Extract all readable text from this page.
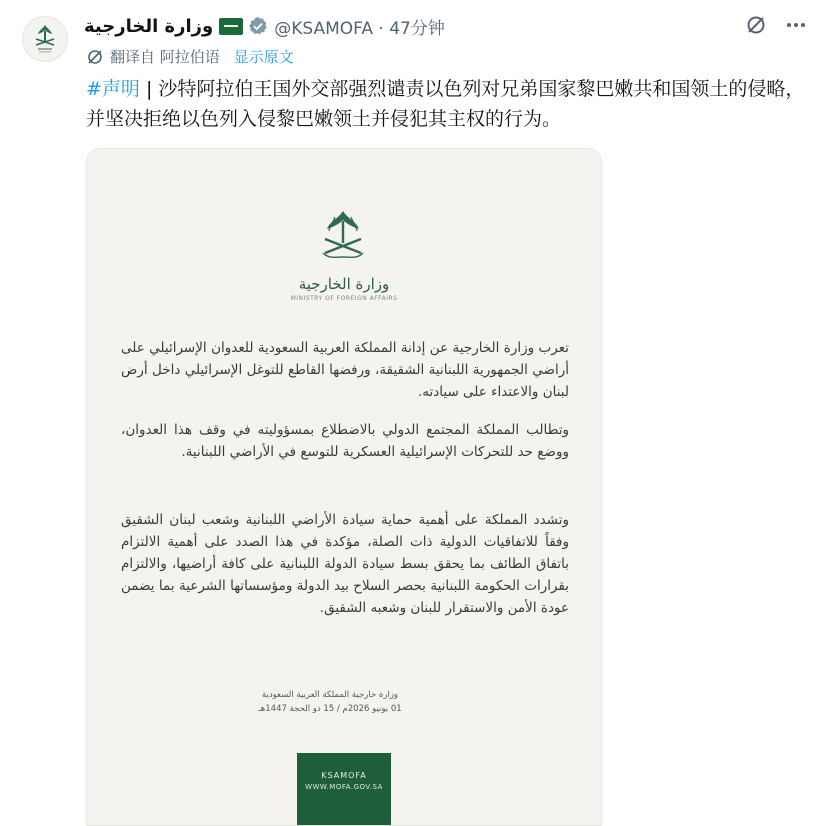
وزارة الخارجية	@KSAMOFA · 47分钟
翻译自 阿拉伯语 显示原文
#声明 | 沙特阿拉伯王国外交部强烈谴责以色列对兄弟国家黎巴嫩共和国领土的侵略，并坚决拒绝以色列入侵黎巴嫩领土并侵犯其主权的行为。
وزارة الخارجية
MINISTRY OF FOREIGN AFFAIRS
تعرب وزارة الخارجية عن إدانة المملكة العربية السعودية للعدوان الإسرائيلي على أراضي الجمهورية اللبنانية الشقيقة، ورفضها القاطع للتوغل الإسرائيلي داخل أرض لبنان والاعتداء على سيادته.
وتطالب المملكة المجتمع الدولي بالاضطلاع بمسؤوليته في وقف هذا العدوان، ووضع حد للتحركات الإسرائيلية العسكرية للتوسع في الأراضي اللبنانية.
وتشدد المملكة على أهمية حماية سيادة الأراضي اللبنانية وشعب لبنان الشقيق وفقاً للاتفاقيات الدولية ذات الصلة، مؤكدة في هذا الصدد على أهمية الالتزام باتفاق الطائف بما يحقق بسط سيادة الدولة اللبنانية على كافة أراضيها، والالتزام بقرارات الحكومة اللبنانية بحصر السلاح بيد الدولة ومؤسساتها الشرعية بما يضمن عودة الأمن والاستقرار للبنان وشعبه الشقيق.
وزارة خارجية المملكة العربية السعودية
01 يونيو 2026م / 15 ذو الحجة 1447هـ
KSAMOFA
WWW.MOFA.GOV.SA
